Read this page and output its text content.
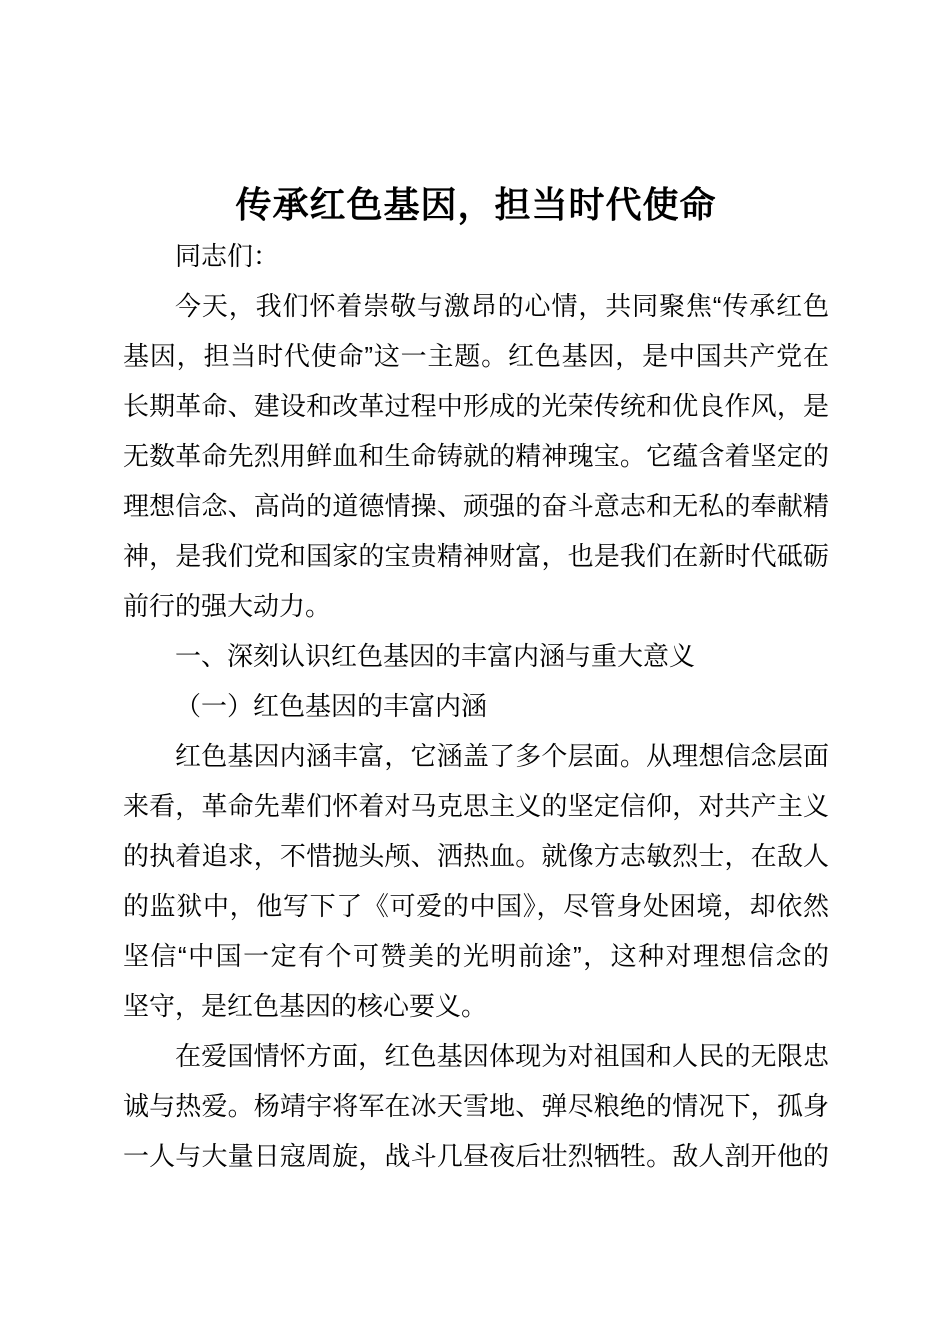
传承红色基因，担当时代使命
同志们：
今天，我们怀着崇敬与激昂的心情，共同聚焦“传承红色
基因，担当时代使命”这一主题。红色基因，是中国共产党在
长期革命、建设和改革过程中形成的光荣传统和优良作风，是
无数革命先烈用鲜血和生命铸就的精神瑰宝。它蕴含着坚定的
理想信念、高尚的道德情操、顽强的奋斗意志和无私的奉献精
神，是我们党和国家的宝贵精神财富，也是我们在新时代砥砺
前行的强大动力。
一、深刻认识红色基因的丰富内涵与重大意义
（一）红色基因的丰富内涵
红色基因内涵丰富，它涵盖了多个层面。从理想信念层面
来看，革命先辈们怀着对马克思主义的坚定信仰，对共产主义
的执着追求，不惜抛头颅、洒热血。就像方志敏烈士，在敌人
的监狱中，他写下了《可爱的中国》，尽管身处困境，却依然
坚信“中国一定有个可赞美的光明前途”，这种对理想信念的
坚守，是红色基因的核心要义。
在爱国情怀方面，红色基因体现为对祖国和人民的无限忠
诚与热爱。杨靖宇将军在冰天雪地、弹尽粮绝的情况下，孤身
一人与大量日寇周旋，战斗几昼夜后壮烈牺牲。敌人剖开他的
